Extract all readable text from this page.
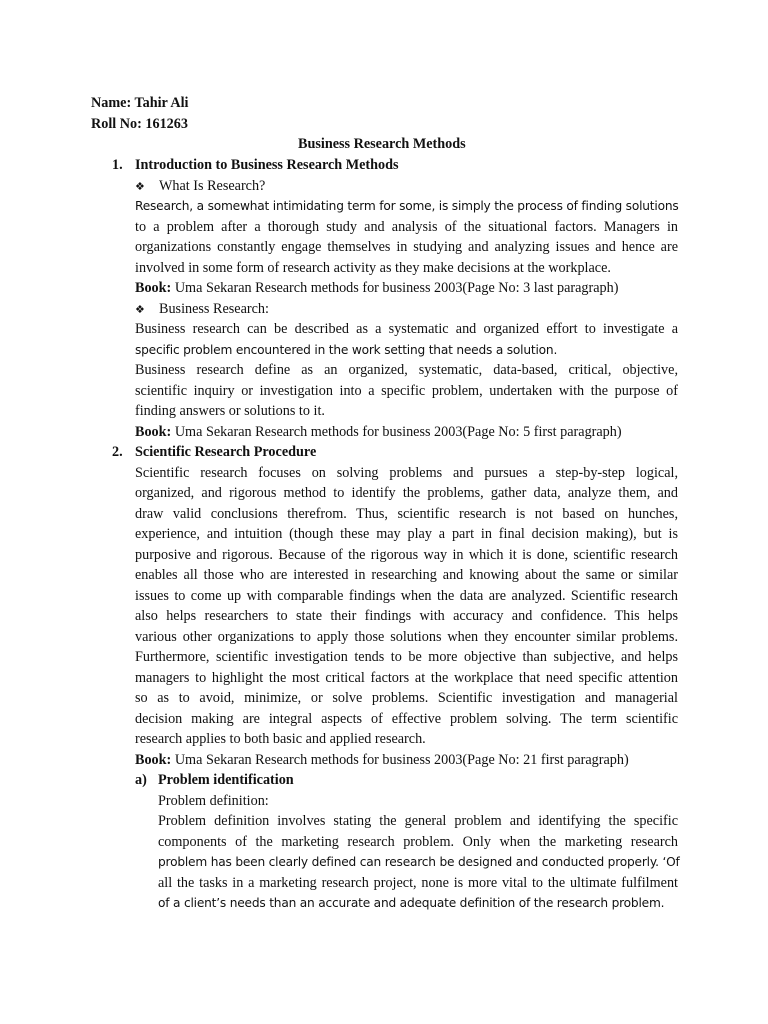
Name: Tahir Ali
Roll No: 161263
Business Research Methods
1. Introduction to Business Research Methods
❖ What Is Research?
Research, a somewhat intimidating term for some, is simply the process of finding solutions
to a problem after a thorough study and analysis of the situational factors. Managers in
organizations constantly engage themselves in studying and analyzing issues and hence are
involved in some form of research activity as they make decisions at the workplace.
Book: Uma Sekaran Research methods for business 2003(Page No: 3 last paragraph)
❖ Business Research:
Business research can be described as a systematic and organized effort to investigate a
specific problem encountered in the work setting that needs a solution.
Business research define as an organized, systematic, data-based, critical, objective,
scientific inquiry or investigation into a specific problem, undertaken with the purpose of
finding answers or solutions to it.
Book: Uma Sekaran Research methods for business 2003(Page No: 5 first paragraph)
2. Scientific Research Procedure
Scientific research focuses on solving problems and pursues a step-by-step logical,
organized, and rigorous method to identify the problems, gather data, analyze them, and
draw valid conclusions therefrom. Thus, scientific research is not based on hunches,
experience, and intuition (though these may play a part in final decision making), but is
purposive and rigorous. Because of the rigorous way in which it is done, scientific research
enables all those who are interested in researching and knowing about the same or similar
issues to come up with comparable findings when the data are analyzed. Scientific research
also helps researchers to state their findings with accuracy and confidence. This helps
various other organizations to apply those solutions when they encounter similar problems.
Furthermore, scientific investigation tends to be more objective than subjective, and helps
managers to highlight the most critical factors at the workplace that need specific attention
so as to avoid, minimize, or solve problems. Scientific investigation and managerial
decision making are integral aspects of effective problem solving. The term scientific
research applies to both basic and applied research.
Book: Uma Sekaran Research methods for business 2003(Page No: 21 first paragraph)
a) Problem identification
Problem definition:
Problem definition involves stating the general problem and identifying the specific
components of the marketing research problem. Only when the marketing research
problem has been clearly defined can research be designed and conducted properly. ‘Of
all the tasks in a marketing research project, none is more vital to the ultimate fulfilment
of a client’s needs than an accurate and adequate definition of the research problem.
